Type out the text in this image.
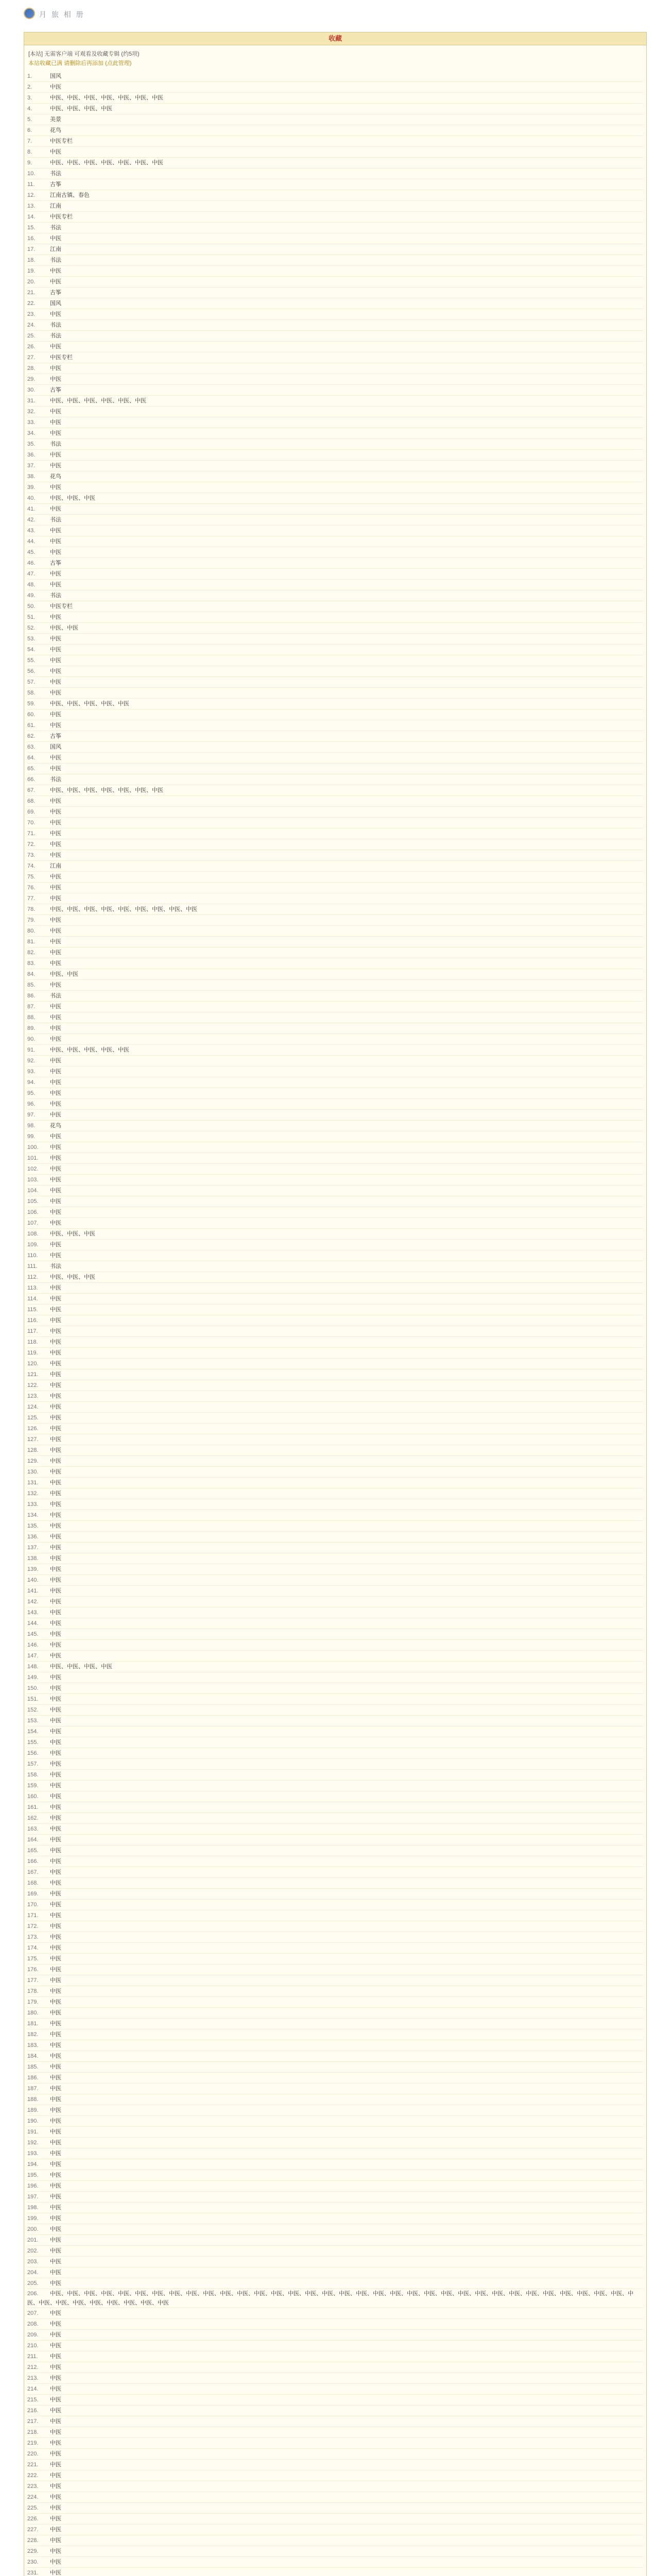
月 旅 相 册
收藏
[本站] 无需客户端 可观看及收藏专辑 (约5项)
本站收藏已满 请删除后再添加 (点此管理)
1.	国风
2.	中医
3.	中医、中医、中医、中医、中医、中医、中医
4.	中医、中医、中医、中医
5.	美景
6.	花鸟
7.	中医专栏
8.	中医
9.	中医、中医、中医、中医、中医、中医、中医
10.	书法
11.	古筝
12.	江南古镇、春色
13.	江南
14.	中医专栏
15.	书法
16.	中医
17.	江南
18.	书法
19.	中医
20.	中医
21.	古筝
22.	国风
23.	中医
24.	书法
25.	书法
26.	中医
27.	中医专栏
28.	中医
29.	中医
30.	古筝
31.	中医、中医、中医、中医、中医、中医
32.	中医
33.	中医
34.	中医
35.	书法
36.	中医
37.	中医
38.	花鸟
39.	中医
40.	中医、中医、中医
41.	中医
42.	书法
43.	中医
44.	中医
45.	中医
46.	古筝
47.	中医
48.	中医
49.	书法
50.	中医专栏
51.	中医
52.	中医、中医
53.	中医
54.	中医
55.	中医
56.	中医
57.	中医
58.	中医
59.	中医、中医、中医、中医、中医
60.	中医
61.	中医
62.	古筝
63.	国风
64.	中医
65.	中医
66.	书法
67.	中医、中医、中医、中医、中医、中医、中医
68.	中医
69.	中医
70.	中医
71.	中医
72.	中医
73.	中医
74.	江南
75.	中医
76.	中医
77.	中医
78.	中医、中医、中医、中医、中医、中医、中医、中医、中医
79.	中医
80.	中医
81.	中医
82.	中医
83.	中医
84.	中医、中医
85.	中医
86.	书法
87.	中医
88.	中医
89.	中医
90.	中医
91.	中医、中医、中医、中医、中医
92.	中医
93.	中医
94.	中医
95.	中医
96.	中医
97.	中医
98.	花鸟
99.	中医
100. 中医
101. 中医
102. 中医
103. 中医
104. 中医
105. 中医
106. 中医
107. 中医
108. 中医、中医、中医
109. 中医
110. 中医
111. 书法
112. 中医、中医、中医
113. 中医
114. 中医
115. 中医
116. 中医
117. 中医
118. 中医
119. 中医
120. 中医
121. 中医
122. 中医
123. 中医
124. 中医
125. 中医
126. 中医
127. 中医
128. 中医
129. 中医
130. 中医
131. 中医
132. 中医
133. 中医
134. 中医
135. 中医
136. 中医
137. 中医
138. 中医
139. 中医
140. 中医
141. 中医
142. 中医
143. 中医
144. 中医
145. 中医
146. 中医
147. 中医
148. 中医、中医、中医、中医
149. 中医
150. 中医
151. 中医
152. 中医
153. 中医
154. 中医
155. 中医
156. 中医
157. 中医
158. 中医
159. 中医
160. 中医
161. 中医
162. 中医
163. 中医
164. 中医
165. 中医
166. 中医
167. 中医
168. 中医
169. 中医
170. 中医
171. 中医
172. 中医
173. 中医
174. 中医
175. 中医
176. 中医
177. 中医
178. 中医
179. 中医
180. 中医
181. 中医
182. 中医
183. 中医
184. 中医
185. 中医
186. 中医
187. 中医
188. 中医
189. 中医
190. 中医
191. 中医
192. 中医
193. 中医
194. 中医
195. 中医
196. 中医
197. 中医
198. 中医
199. 中医
200. 中医
201. 中医
202. 中医
203. 中医
204. 中医
205. 中医
206. 中医、中医、中医、中医、中医、中医、中医、中医、中医、中医、中医、中医、中医、中医、中医、中医、中医、中医、中医、中医、中医、中医、中医、中医、中医、中医、中医、中医、中医、中医、中医、中医、中医、中医、中医、中医、中医、中医、中医、中医、中医、中医、中医
207. 中医
208. 中医
209. 中医
210. 中医
211. 中医
212. 中医
213. 中医
214. 中医
215. 中医
216. 中医
217. 中医
218. 中医
219. 中医
220. 中医
221. 中医
222. 中医
223. 中医
224. 中医
225. 中医
226. 中医
227. 中医
228. 中医
229. 中医
230. 中医
231. 中医
